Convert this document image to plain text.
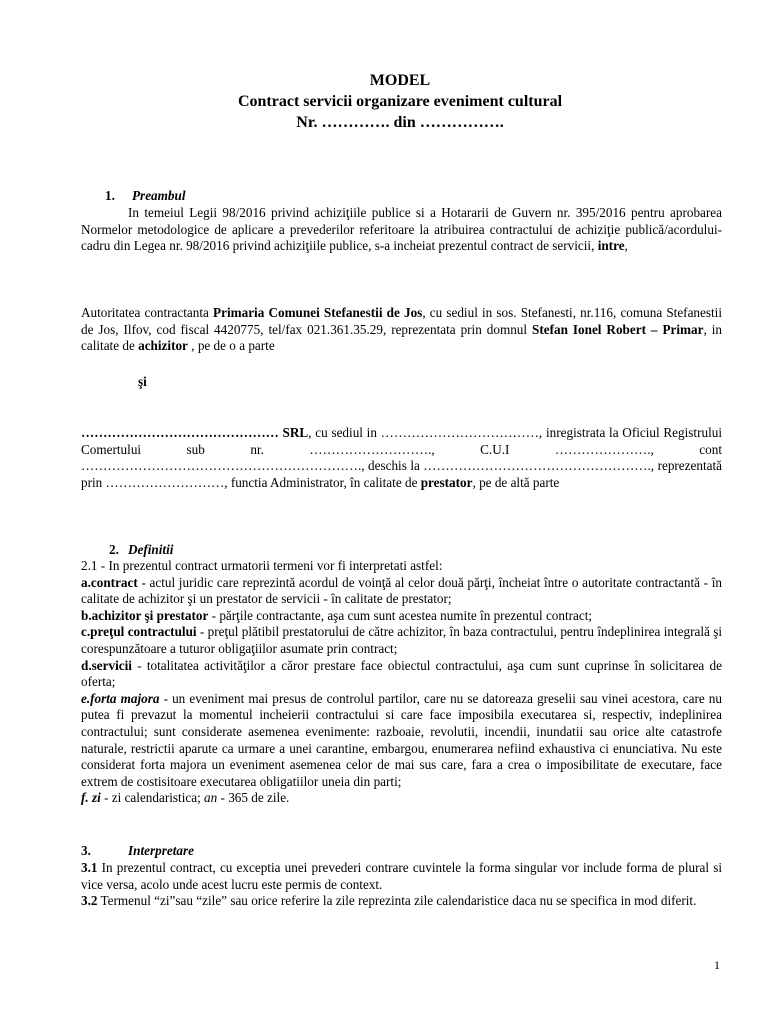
MODEL
Contract servicii organizare eveniment cultural
Nr. …………. din …………….
1. Preambul

In temeiul Legii 98/2016 privind achiziţiile publice si a Hotararii de Guvern nr. 395/2016 pentru aprobarea Normelor metodologice de aplicare a prevederilor referitoare la atribuirea contractului de achiziţie publică/acordului-cadru din Legea nr. 98/2016 privind achiziţiile publice, s-a incheiat prezentul contract de servicii, intre,

Autoritatea contractanta Primaria Comunei Stefanestii de Jos, cu sediul in sos. Stefanesti, nr.116, comuna Stefanestii de Jos, Ilfov, cod fiscal 4420775, tel/fax 021.361.35.29, reprezentata prin domnul Stefan Ionel Robert – Primar, in calitate de achizitor , pe de o a parte

şi

……………………………………… SRL, cu sediul in ………………………………, inregistrata la Oficiul Registrului Comertului sub nr. ………………………., C.U.I …………………., cont ………………………………………………………., deschis la ……………………………………………., reprezentată prin ………………………, functia Administrator, în calitate de prestator, pe de altă parte

2. Definitii

2.1 - In prezentul contract urmatorii termeni vor fi interpretati astfel:

a.contract - actul juridic care reprezintă acordul de voinţă al celor două părţi, încheiat între o autoritate contractantă - în calitate de achizitor şi un prestator de servicii - în calitate de prestator;

b.achizitor şi prestator - părţile contractante, aşa cum sunt acestea numite în prezentul contract;

c.preţul contractului - preţul plătibil prestatorului de către achizitor, în baza contractului, pentru îndeplinirea integrală şi corespunzătoare a tuturor obligaţiilor asumate prin contract;

d.servicii - totalitatea activităţilor a căror prestare face obiectul contractului, aşa cum sunt cuprinse în solicitarea de oferta;

e.forta majora - un eveniment mai presus de controlul partilor, care nu se datoreaza greselii sau vinei acestora, care nu putea fi prevazut la momentul incheierii contractului si care face imposibila executarea si, respectiv, indeplinirea contractului; sunt considerate asemenea evenimente: razboaie, revolutii, incendii, inundatii sau orice alte catastrofe naturale, restrictii aparute ca urmare a unei carantine, embargou, enumerarea nefiind exhaustiva ci enunciativa. Nu este considerat forta majora un eveniment asemenea celor de mai sus care, fara a crea o imposibilitate de executare, face extrem de costisitoare executarea obligatiilor uneia din parti;

f. zi - zi calendaristica; an - 365 de zile.

3.	Interpretare

3.1 In prezentul contract, cu exceptia unei prevederi contrare cuvintele la forma singular vor include forma de plural si vice versa, acolo unde acest lucru este permis de context.

3.2 Termenul “zi”sau “zile” sau orice referire la zile reprezinta zile calendaristice daca nu se specifica in mod diferit.

1
